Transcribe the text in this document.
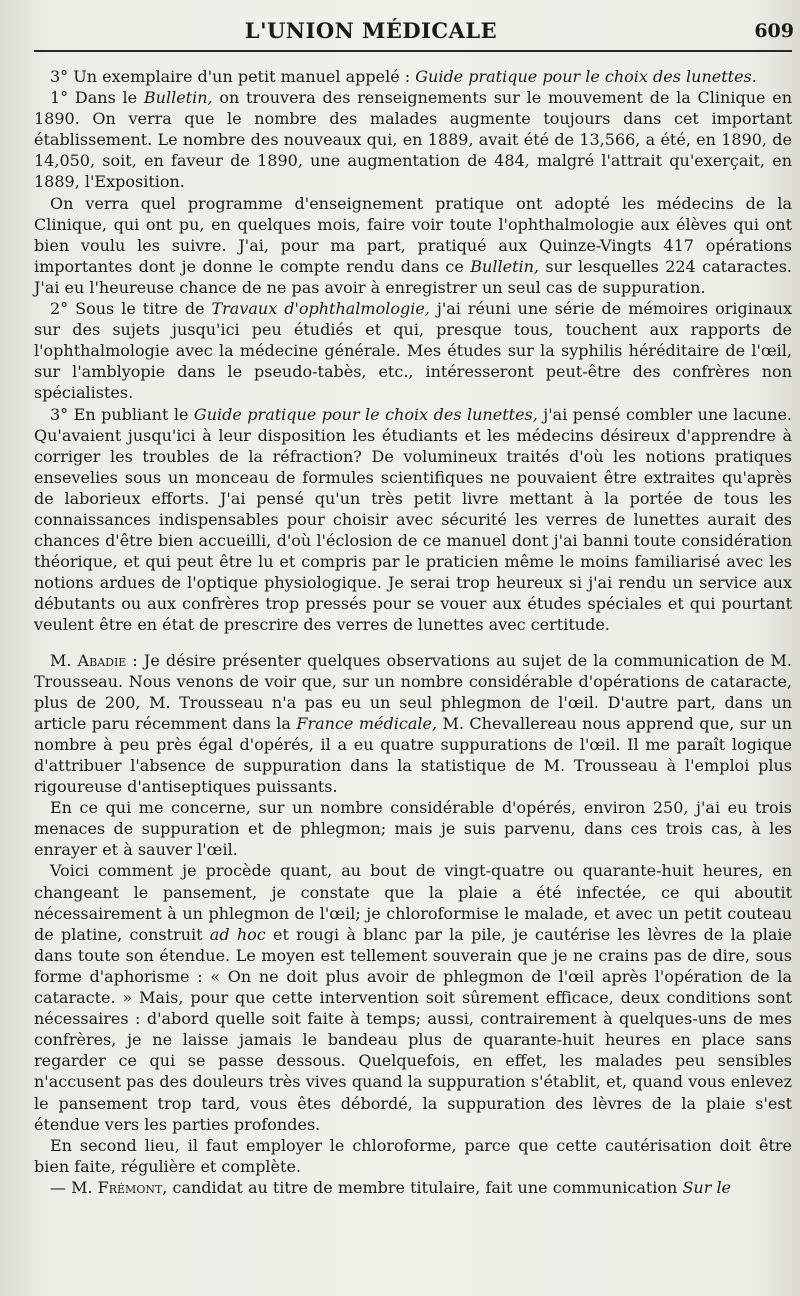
L'UNION MÉDICALE	609

3° Un exemplaire d'un petit manuel appelé : Guide pratique pour le choix des lunettes.

1° Dans le Bulletin, on trouvera des renseignements sur le mouvement de la Clinique en 1890. On verra que le nombre des malades augmente toujours dans cet important établissement. Le nombre des nouveaux qui, en 1889, avait été de 13,566, a été, en 1890, de 14,050, soit, en faveur de 1890, une augmentation de 484, malgré l'attrait qu'exerçait, en 1889, l'Exposition.

On verra quel programme d'enseignement pratique ont adopté les médecins de la Clinique, qui ont pu, en quelques mois, faire voir toute l'ophthalmologie aux élèves qui ont bien voulu les suivre. J'ai, pour ma part, pratiqué aux Quinze-Vingts 417 opérations importantes dont je donne le compte rendu dans ce Bulletin, sur lesquelles 224 cataractes. J'ai eu l'heureuse chance de ne pas avoir à enregistrer un seul cas de suppuration.

2° Sous le titre de Travaux d'ophthalmologie, j'ai réuni une série de mémoires originaux sur des sujets jusqu'ici peu étudiés et qui, presque tous, touchent aux rapports de l'ophthalmologie avec la médecine générale. Mes études sur la syphilis héréditaire de l'œil, sur l'amblyopie dans le pseudo-tabès, etc., intéresseront peut-être des confrères non spécialistes.

3° En publiant le Guide pratique pour le choix des lunettes, j'ai pensé combler une lacune. Qu'avaient jusqu'ici à leur disposition les étudiants et les médecins désireux d'apprendre à corriger les troubles de la réfraction? De volumineux traités d'où les notions pratiques ensevelies sous un monceau de formules scientifiques ne pouvaient être extraites qu'après de laborieux efforts. J'ai pensé qu'un très petit livre mettant à la portée de tous les connaissances indispensables pour choisir avec sécurité les verres de lunettes aurait des chances d'être bien accueilli, d'où l'éclosion de ce manuel dont j'ai banni toute considération théorique, et qui peut être lu et compris par le praticien même le moins familiarisé avec les notions ardues de l'optique physiologique. Je serai trop heureux si j'ai rendu un service aux débutants ou aux confrères trop pressés pour se vouer aux études spéciales et qui pourtant veulent être en état de prescrire des verres de lunettes avec certitude.

M. Abadie : Je désire présenter quelques observations au sujet de la communication de M. Trousseau. Nous venons de voir que, sur un nombre considérable d'opérations de cataracte, plus de 200, M. Trousseau n'a pas eu un seul phlegmon de l'œil. D'autre part, dans un article paru récemment dans la France médicale, M. Chevallereau nous apprend que, sur un nombre à peu près égal d'opérés, il a eu quatre suppurations de l'œil. Il me paraît logique d'attribuer l'absence de suppuration dans la statistique de M. Trousseau à l'emploi plus rigoureuse d'antiseptiques puissants.

En ce qui me concerne, sur un nombre considérable d'opérés, environ 250, j'ai eu trois menaces de suppuration et de phlegmon; mais je suis parvenu, dans ces trois cas, à les enrayer et à sauver l'œil.

Voici comment je procède quant, au bout de vingt-quatre ou quarante-huit heures, en changeant le pansement, je constate que la plaie a été infectée, ce qui aboutit nécessairement à un phlegmon de l'œil; je chloroformise le malade, et avec un petit couteau de platine, construit ad hoc et rougi à blanc par la pile, je cautérise les lèvres de la plaie dans toute son étendue. Le moyen est tellement souverain que je ne crains pas de dire, sous forme d'aphorisme : « On ne doit plus avoir de phlegmon de l'œil après l'opération de la cataracte. » Mais, pour que cette intervention soit sûrement efficace, deux conditions sont nécessaires : d'abord quelle soit faite à temps; aussi, contrairement à quelques-uns de mes confrères, je ne laisse jamais le bandeau plus de quarante-huit heures en place sans regarder ce qui se passe dessous. Quelquefois, en effet, les malades peu sensibles n'accusent pas des douleurs très vives quand la suppuration s'établit, et, quand vous enlevez le pansement trop tard, vous êtes débordé, la suppuration des lèvres de la plaie s'est étendue vers les parties profondes.

En second lieu, il faut employer le chloroforme, parce que cette cautérisation doit être bien faite, régulière et complète.

— M. Frémont, candidat au titre de membre titulaire, fait une communication Sur le
